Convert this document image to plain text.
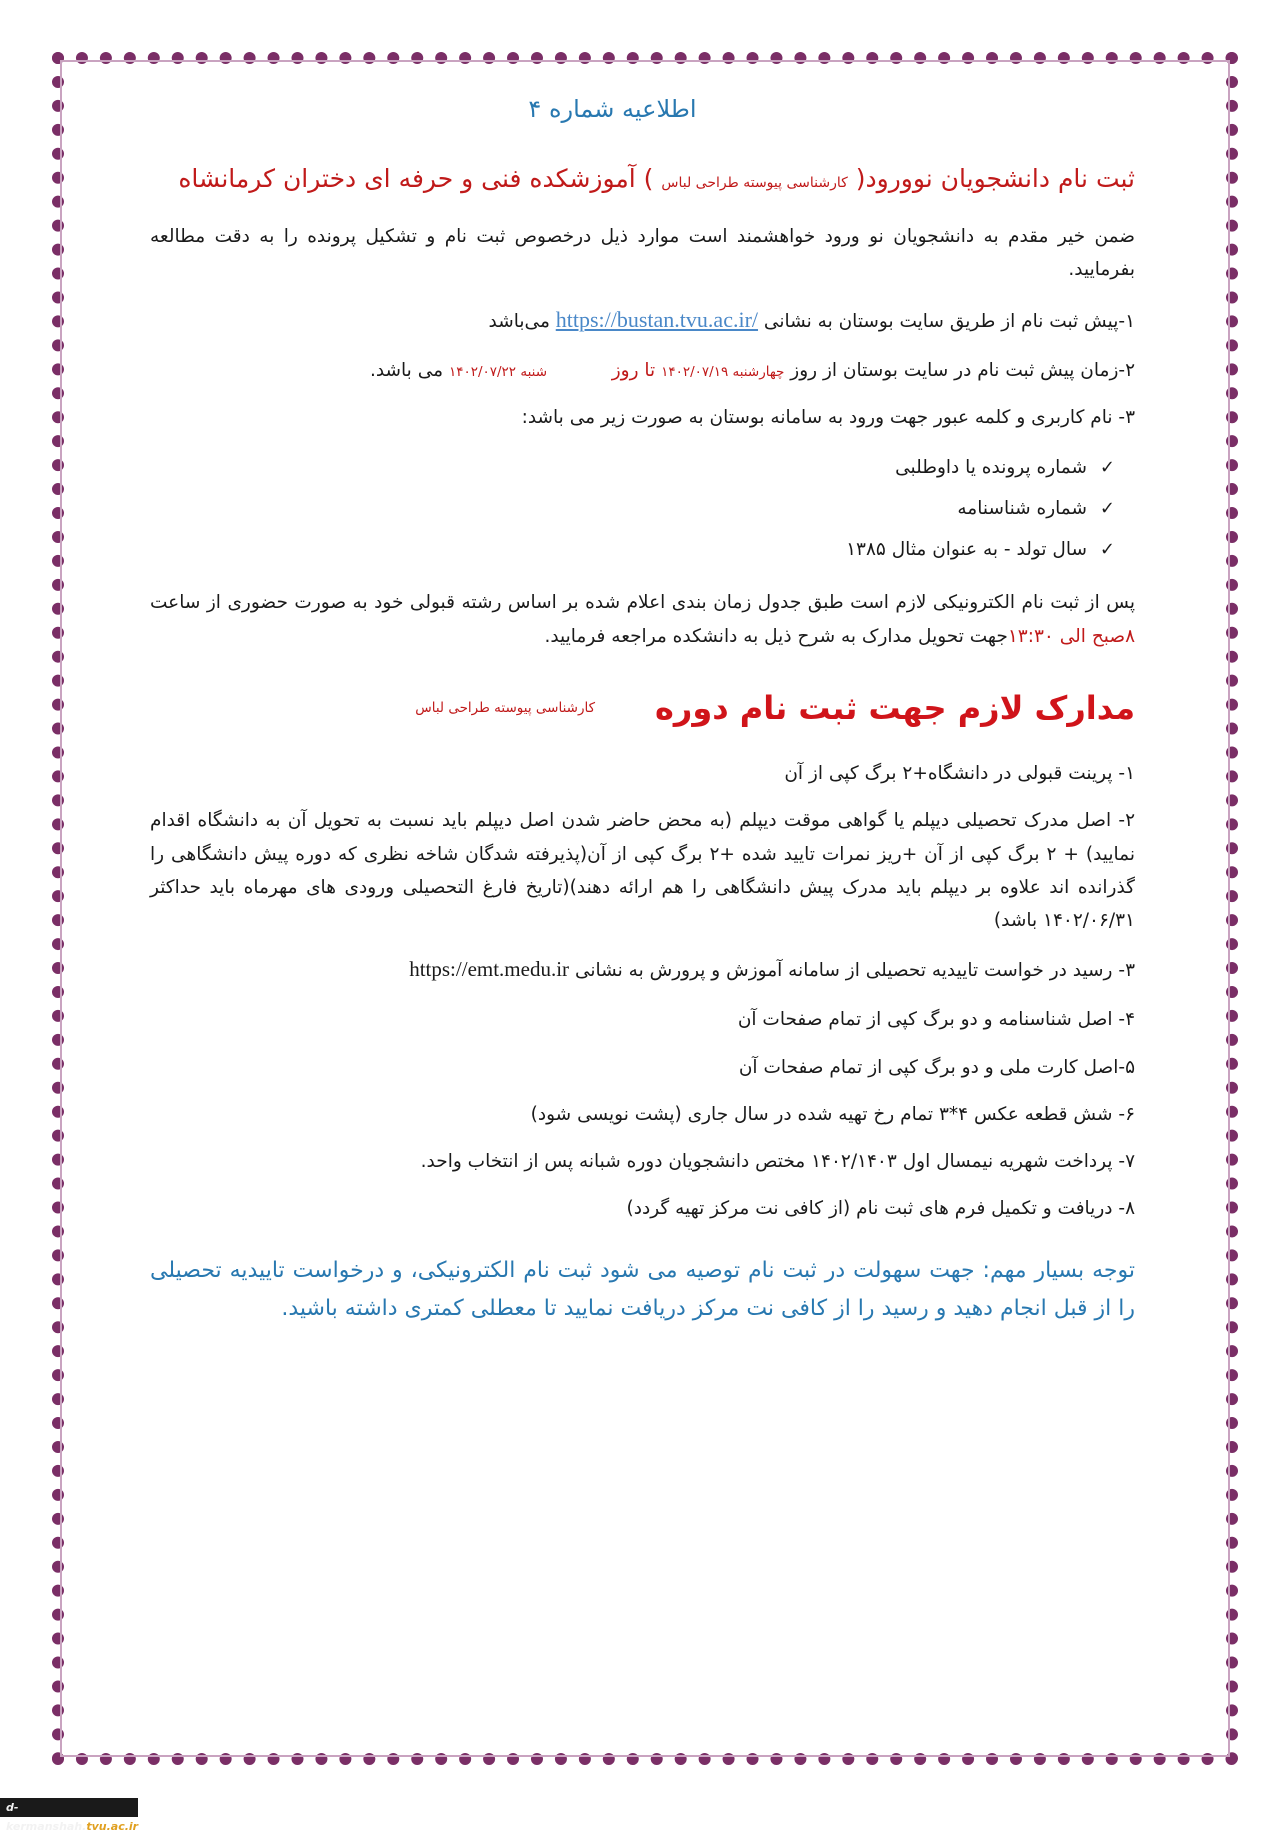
اطلاعیه شماره ۴
ثبت نام دانشجویان نوورود( کارشناسی پیوسته طراحی لباس ) آموزشکده فنی و حرفه ای دختران کرمانشاه

ضمن خیر مقدم به دانشجویان نو ورود خواهشمند است موارد ذیل درخصوص ثبت نام و تشکیل پرونده را به دقت مطالعه بفرمایید.

۱-پیش ثبت نام از طریق سایت بوستان به نشانی https://bustan.tvu.ac.ir/ می‌باشد

۲-زمان پیش ثبت نام در سایت بوستان از روز چهارشنبه ۱۴۰۲/۰۷/۱۹ تا روز           شنبه ۱۴۰۲/۰۷/۲۲ می باشد.

۳- نام کاربری و کلمه عبور جهت ورود به سامانه بوستان به صورت زیر می باشد:

✓شماره پرونده یا داوطلبی
✓شماره شناسنامه
✓سال تولد - به عنوان مثال ۱۳۸۵

پس از ثبت نام الکترونیکی لازم است طبق جدول زمان بندی اعلام شده بر اساس رشته قبولی خود به صورت حضوری از ساعت ۸صبح الی ۱۳:۳۰جهت تحویل مدارک به شرح ذیل به دانشکده مراجعه فرمایید.

مدارک لازم جهت ثبت نام دوره
کارشناسی پیوسته طراحی لباس

۱- پرینت قبولی در دانشگاه+۲ برگ کپی از آن

۲- اصل مدرک تحصیلی دیپلم یا گواهی موقت دیپلم (به محض حاضر شدن اصل دیپلم باید نسبت به تحویل آن به دانشگاه اقدام نمایید) + ۲ برگ کپی از آن +ریز نمرات تایید شده +۲ برگ کپی از آن(پذیرفته شدگان شاخه نظری که دوره پیش دانشگاهی را گذرانده اند علاوه بر دیپلم باید مدرک پیش دانشگاهی را هم ارائه دهند)(تاریخ فارغ التحصیلی ورودی های مهرماه باید حداکثر ۱۴۰۲/۰۶/۳۱ باشد)

۳- رسید در خواست تاییدیه تحصیلی از سامانه آموزش و پرورش به نشانی https://emt.medu.ir

۴- اصل شناسنامه و دو برگ کپی از تمام صفحات آن

۵-اصل کارت ملی و دو برگ کپی از تمام صفحات آن

۶- شش قطعه عکس ۴*۳ تمام رخ تهیه شده در سال جاری (پشت نویسی شود)

۷- پرداخت شهریه نیمسال اول ۱۴۰۲/۱۴۰۳ مختص دانشجویان دوره شبانه پس از انتخاب واحد.

۸- دریافت و تکمیل فرم های ثبت نام (از کافی نت مرکز تهیه گردد)

توجه بسیار مهم: جهت سهولت در ثبت نام توصیه می شود ثبت نام الکترونیکی، و درخواست تاییدیه تحصیلی را از قبل انجام دهید و رسید را از کافی نت مرکز دریافت نمایید تا معطلی کمتری داشته باشید.
d-kermanshah.tvu.ac.ir
